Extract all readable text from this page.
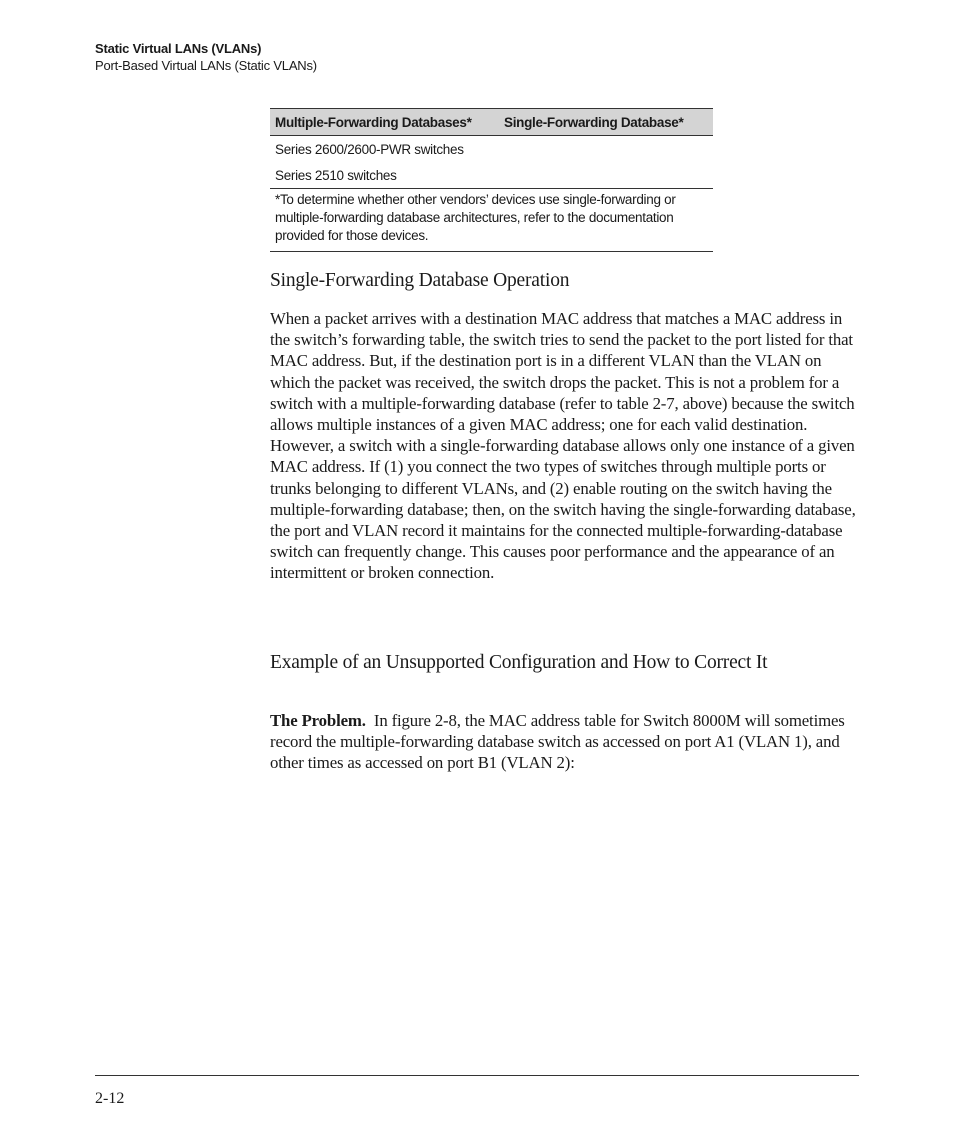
Static Virtual LANs (VLANs)
Port-Based Virtual LANs (Static VLANs)
Multiple-Forwarding Databases*	Single-Forwarding Database*
Series 2600/2600-PWR switches
Series 2510 switches
*To determine whether other vendors’ devices use single-forwarding or multiple-forwarding database architectures, refer to the documentation provided for those devices.
Single-Forwarding Database Operation

When a packet arrives with a destination MAC address that matches a MAC address in the switch’s forwarding table, the switch tries to send the packet to the port listed for that MAC address. But, if the destination port is in a different VLAN than the VLAN on which the packet was received, the switch drops the packet. This is not a problem for a switch with a multiple-forwarding database (refer to table 2-7, above) because the switch allows multiple instances of a given MAC address; one for each valid destination. However, a switch with a single-forwarding database allows only one instance of a given MAC address. If (1) you connect the two types of switches through multiple ports or trunks belonging to different VLANs, and (2) enable routing on the switch having the multiple-forwarding database; then, on the switch having the single-forwarding database, the port and VLAN record it maintains for the connected multiple-forwarding-database switch can frequently change. This causes poor performance and the appearance of an intermittent or broken connection.

Example of an Unsupported Configuration and How to Correct It

The Problem. In figure 2-8, the MAC address table for Switch 8000M will sometimes record the multiple-forwarding database switch as accessed on port A1 (VLAN 1), and other times as accessed on port B1 (VLAN 2):

2-12
